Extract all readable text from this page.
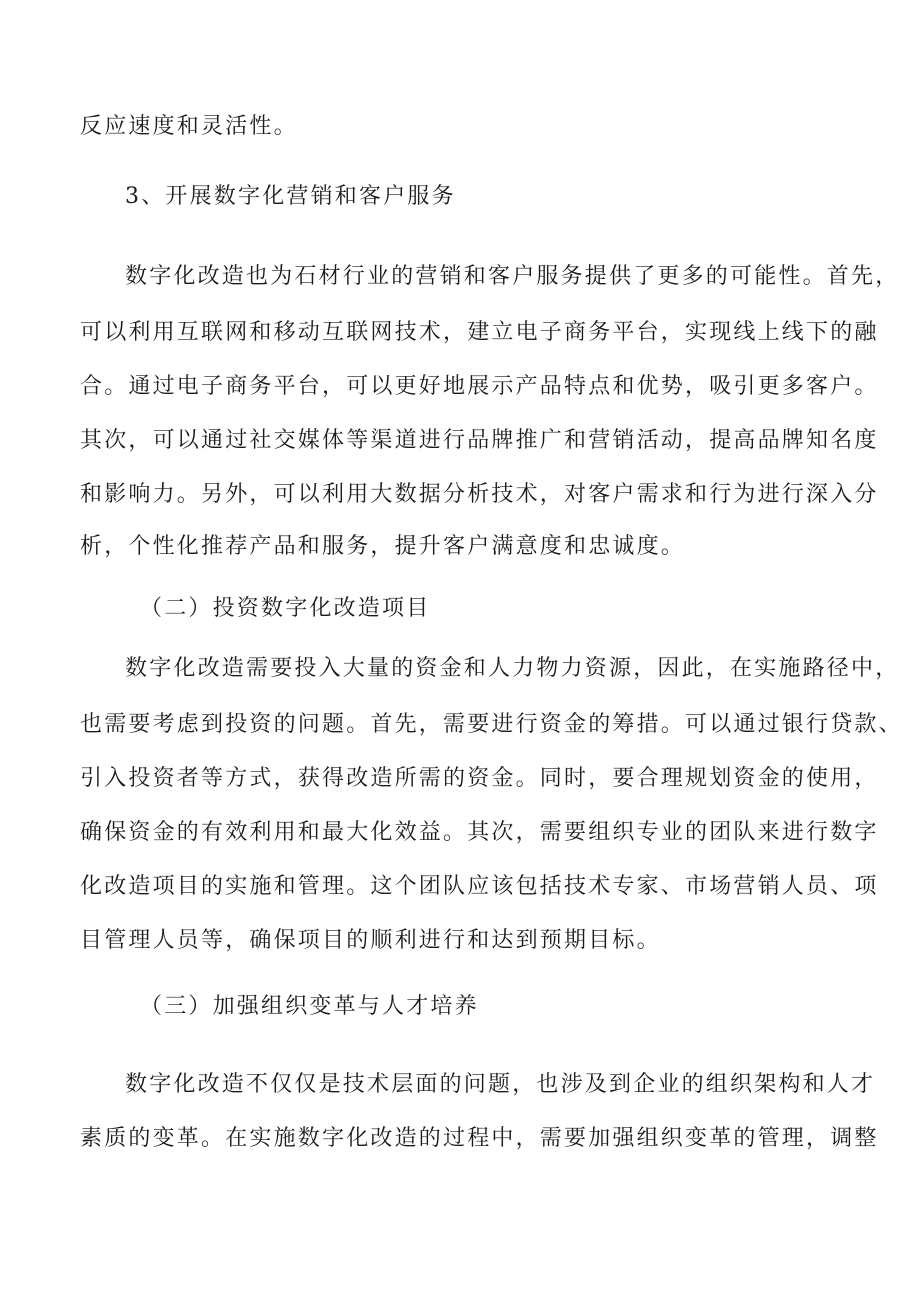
反应速度和灵活性。
3、开展数字化营销和客户服务
数字化改造也为石材行业的营销和客户服务提供了更多的可能性。首先，
可以利用互联网和移动互联网技术，建立电子商务平台，实现线上线下的融
合。通过电子商务平台，可以更好地展示产品特点和优势，吸引更多客户。
其次，可以通过社交媒体等渠道进行品牌推广和营销活动，提高品牌知名度
和影响力。另外，可以利用大数据分析技术，对客户需求和行为进行深入分
析，个性化推荐产品和服务，提升客户满意度和忠诚度。
（二）投资数字化改造项目
数字化改造需要投入大量的资金和人力物力资源，因此，在实施路径中，
也需要考虑到投资的问题。首先，需要进行资金的筹措。可以通过银行贷款、
引入投资者等方式，获得改造所需的资金。同时，要合理规划资金的使用，
确保资金的有效利用和最大化效益。其次，需要组织专业的团队来进行数字
化改造项目的实施和管理。这个团队应该包括技术专家、市场营销人员、项
目管理人员等，确保项目的顺利进行和达到预期目标。
（三）加强组织变革与人才培养
数字化改造不仅仅是技术层面的问题，也涉及到企业的组织架构和人才
素质的变革。在实施数字化改造的过程中，需要加强组织变革的管理，调整
